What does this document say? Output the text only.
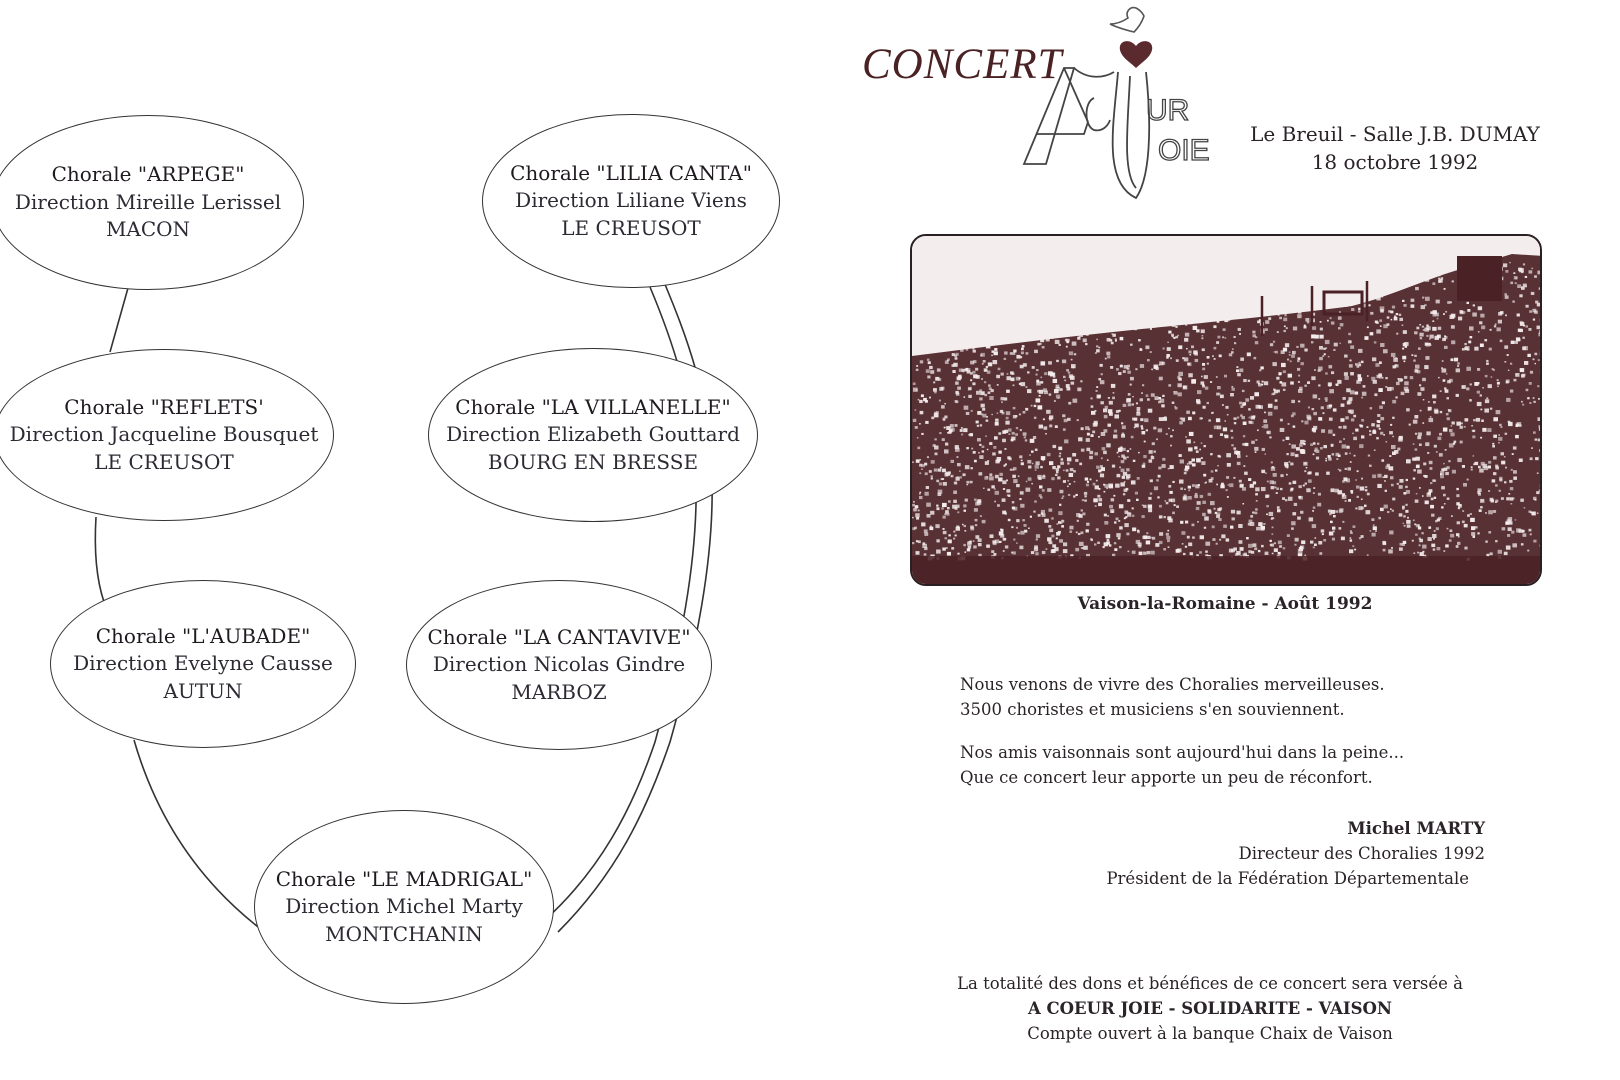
Chorale "ARPEGE"
Direction Mireille Lerissel
MACON
Chorale "REFLETS'
Direction Jacqueline Bousquet
LE CREUSOT
Chorale "L'AUBADE"
Direction Evelyne Causse
AUTUN
Chorale "LILIA CANTA"
Direction Liliane Viens
LE CREUSOT
Chorale "LA VILLANELLE"
Direction Elizabeth Gouttard
BOURG EN BRESSE
Chorale "LA CANTAVIVE"
Direction Nicolas Gindre
MARBOZ
Chorale "LE MADRIGAL"
Direction Michel Marty
MONTCHANIN
CONCERT
UR
OIE Le Breuil - Salle J.B. DUMAY
18 octobre 1992
Vaison-la-Romaine - Août 1992

Nous venons de vivre des Choralies merveilleuses.
3500 choristes et musiciens s'en souviennent.

Nos amis vaisonnais sont aujourd'hui dans la peine...
Que ce concert leur apporte un peu de réconfort.

Michel MARTY
Directeur des Choralies 1992
Président de la Fédération Départementale
La totalité des dons et bénéfices de ce concert sera versée à
A COEUR JOIE - SOLIDARITE - VAISON
Compte ouvert à la banque Chaix de Vaison
